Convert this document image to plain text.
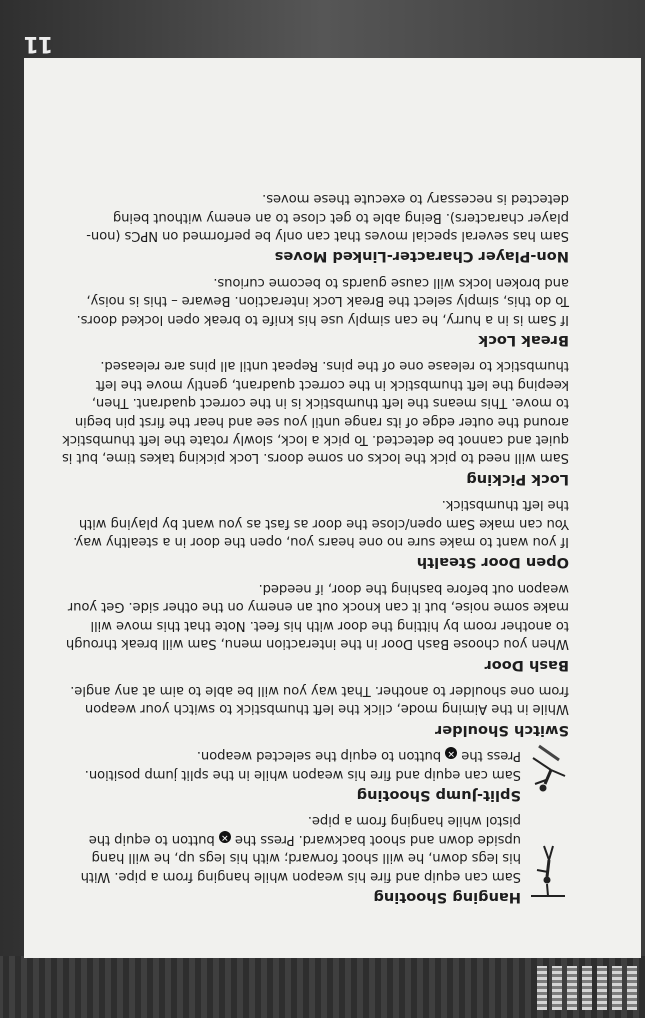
Hanging Shooting

Sam can equip and fire his weapon while hanging from a pipe. With his legs down, he will shoot forward; with his legs up, he will hang upside down and shoot backward. Press the ✕ button to equip the pistol while hanging from a pipe.

Split-Jump Shooting

Sam can equip and fire his weapon while in the split jump position. Press the ✕ button to equip the selected weapon.

Switch Shoulder

While in the Aiming mode, click the left thumbstick to switch your weapon from one shoulder to another. That way you will be able to aim at any angle.

Bash Door

When you choose Bash Door in the interaction menu, Sam will break through to another room by hitting the door with his feet. Note that this move will make some noise, but it can knock out an enemy on the other side. Get your weapon out before bashing the door, if needed.

Open Door Stealth

If you want to make sure no one hears you, open the door in a stealthy way. You can make Sam open/close the door as fast as you want by playing with the left thumbstick.

Lock Picking

Sam will need to pick the locks on some doors. Lock picking takes time, but is quiet and cannot be detected. To pick a lock, slowly rotate the left thumbstick around the outer edge of its range until you see and hear the first pin begin to move. This means the left thumbstick is in the correct quadrant. Then, keeping the left thumbstick in the correct quadrant, gently move the left thumbstick to release one of the pins. Repeat until all pins are released.

Break Lock

If Sam is in a hurry, he can simply use his knife to break open locked doors. To do this, simply select the Break Lock interaction. Beware – this is noisy, and broken locks will cause guards to become curious.

Non-Player Character-Linked Moves

Sam has several special moves that can only be performed on NPCs (non-player characters). Being able to get close to an enemy without being detected is necessary to execute these moves.

11
